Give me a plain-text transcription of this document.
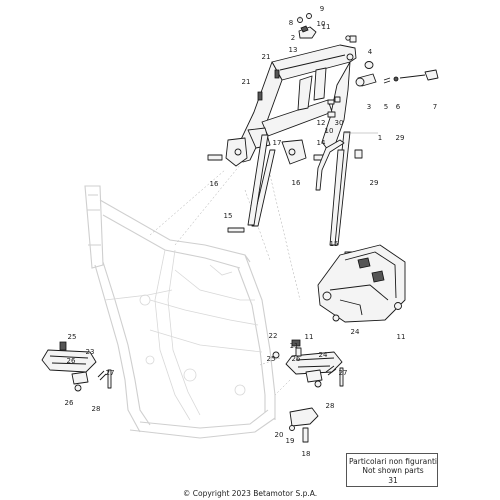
9
8	10
2
13
11
4
21
3 5 6	7
21
12 30
10
1 29
17	14
16	16	29
15
15
25
23
26
24
22	11	11
11
25 26	24
27	27
28
26	28
20
19
18
Particolari non figuranti
Not shown parts
31
© Copyright 2023 Betamotor S.p.A.
